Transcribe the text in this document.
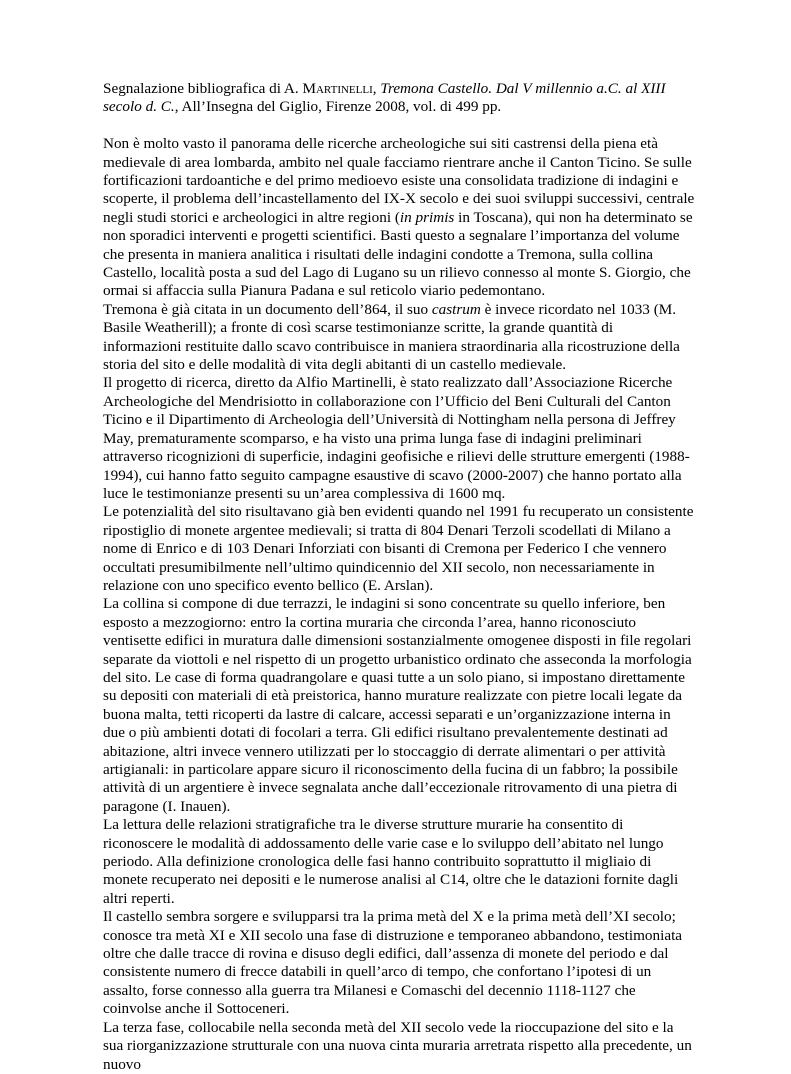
Segnalazione bibliografica di A. Martinelli, Tremona Castello. Dal V millennio a.C. al XIII secolo d. C., All’Insegna del Giglio, Firenze 2008, vol. di 499 pp.

Non è molto vasto il panorama delle ricerche archeologiche sui siti castrensi della piena età medievale di area lombarda, ambito nel quale facciamo rientrare anche il Canton Ticino. Se sulle fortificazioni tardoantiche e del primo medioevo esiste una consolidata tradizione di indagini e scoperte, il problema dell’incastellamento del IX-X secolo e dei suoi sviluppi successivi, centrale negli studi storici e archeologici in altre regioni (in primis in Toscana), qui non ha determinato se non sporadici interventi e progetti scientifici. Basti questo a segnalare l’importanza del volume che presenta in maniera analitica i risultati delle indagini condotte a Tremona, sulla collina Castello, località posta a sud del Lago di Lugano su un rilievo connesso al monte S. Giorgio, che ormai si affaccia sulla Pianura Padana e sul reticolo viario pedemontano.

Tremona è già citata in un documento dell’864, il suo castrum è invece ricordato nel 1033 (M. Basile Weatherill); a fronte di così scarse testimonianze scritte, la grande quantità di informazioni restituite dallo scavo contribuisce in maniera straordinaria alla ricostruzione della storia del sito e delle modalità di vita degli abitanti di un castello medievale.

Il progetto di ricerca, diretto da Alfio Martinelli, è stato realizzato dall’Associazione Ricerche Archeologiche del Mendrisiotto in collaborazione con l’Ufficio del Beni Culturali del Canton Ticino e il Dipartimento di Archeologia dell’Università di Nottingham nella persona di Jeffrey May, prematuramente scomparso, e ha visto una prima lunga fase di indagini preliminari attraverso ricognizioni di superficie, indagini geofisiche e rilievi delle strutture emergenti (1988-1994), cui hanno fatto seguito campagne esaustive di scavo (2000-2007) che hanno portato alla luce le testimonianze presenti su un’area complessiva di 1600 mq.

Le potenzialità del sito risultavano già ben evidenti quando nel 1991 fu recuperato un consistente ripostiglio di monete argentee medievali; si tratta di 804 Denari Terzoli scodellati di Milano a nome di Enrico e di 103 Denari Inforziati con bisanti di Cremona per Federico I che vennero occultati presumibilmente nell’ultimo quindicennio del XII secolo, non necessariamente in relazione con uno specifico evento bellico (E. Arslan).

La collina si compone di due terrazzi, le indagini si sono concentrate su quello inferiore, ben esposto a mezzogiorno: entro la cortina muraria che circonda l’area, hanno riconosciuto ventisette edifici in muratura dalle dimensioni sostanzialmente omogenee disposti in file regolari separate da viottoli e nel rispetto di un progetto urbanistico ordinato che asseconda la morfologia del sito. Le case di forma quadrangolare e quasi tutte a un solo piano, si impostano direttamente su depositi con materiali di età preistorica, hanno murature realizzate con pietre locali legate da buona malta, tetti ricoperti da lastre di calcare, accessi separati e un’organizzazione interna in due o più ambienti dotati di focolari a terra. Gli edifici risultano prevalentemente destinati ad abitazione, altri invece vennero utilizzati per lo stoccaggio di derrate alimentari o per attività artigianali: in particolare appare sicuro il riconoscimento della fucina di un fabbro; la possibile attività di un argentiere è invece segnalata anche dall’eccezionale ritrovamento di una pietra di paragone (I. Inauen).

La lettura delle relazioni stratigrafiche tra le diverse strutture murarie ha consentito di riconoscere le modalità di addossamento delle varie case e lo sviluppo dell’abitato nel lungo periodo. Alla definizione cronologica delle fasi hanno contribuito soprattutto il migliaio di monete recuperato nei depositi e le numerose analisi al C14, oltre che le datazioni fornite dagli altri reperti.

Il castello sembra sorgere e svilupparsi tra la prima metà del X e la prima metà dell’XI secolo; conosce tra metà XI e XII secolo una fase di distruzione e temporaneo abbandono, testimoniata oltre che dalle tracce di rovina e disuso degli edifici, dall’assenza di monete del periodo e dal consistente numero di frecce databili in quell’arco di tempo, che confortano l’ipotesi di un assalto, forse connesso alla guerra tra Milanesi e Comaschi del decennio 1118-1127 che coinvolse anche il Sottoceneri.

La terza fase, collocabile nella seconda metà del XII secolo vede la rioccupazione del sito e la sua riorganizzazione strutturale con una nuova cinta muraria arretrata rispetto alla precedente, un nuovo
